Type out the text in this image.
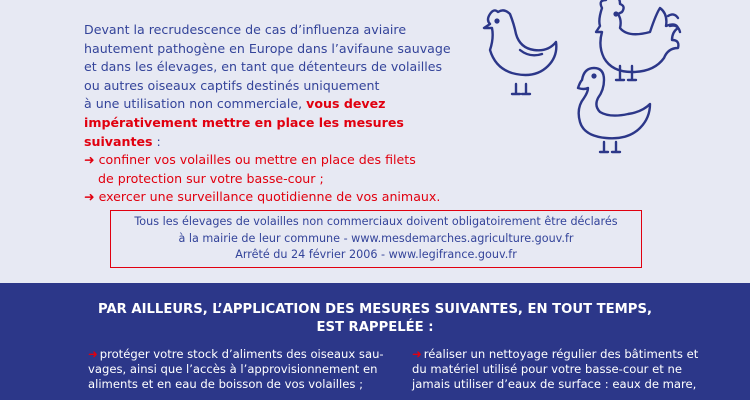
Devant la recrudescence de cas d’influenza aviaire
hautement pathogène en Europe dans l’avifaune sauvage
et dans les élevages, en tant que détenteurs de volailles
ou autres oiseaux captifs destinés uniquement
à une utilisation non commerciale, vous devez
impérativement mettre en place les mesures suivantes :
➜ confiner vos volailles ou mettre en place des filets
de protection sur votre basse-cour ;
➜ exercer une surveillance quotidienne de vos animaux.
Tous les élevages de volailles non commerciaux doivent obligatoirement être déclarés
à la mairie de leur commune - www.mesdemarches.agriculture.gouv.fr
Arrêté du 24 février 2006 - www.legifrance.gouv.fr
PAR AILLEURS, L’APPLICATION DES MESURES SUIVANTES, EN TOUT TEMPS,
EST RAPPELÉE :
➜ protéger votre stock d’aliments des oiseaux sau-
vages, ainsi que l’accès à l’approvisionnement en
aliments et en eau de boisson de vos volailles ;
➜ réaliser un nettoyage régulier des bâtiments et
du matériel utilisé pour votre basse-cour et ne
jamais utiliser d’eaux de surface : eaux de mare,
